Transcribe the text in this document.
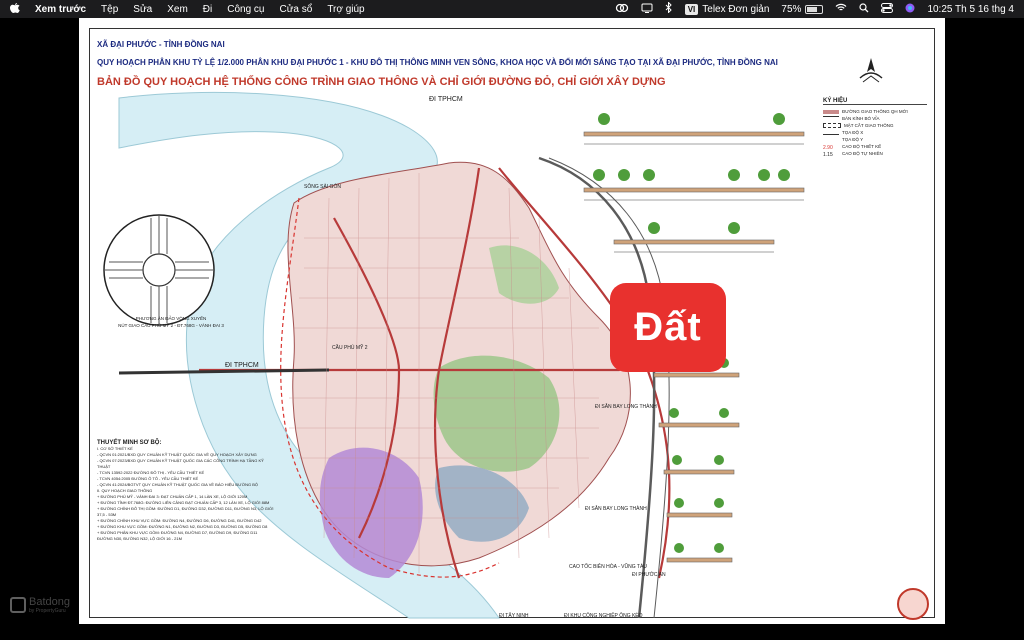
Xem trước Tệp Sửa Xem Đi Công cụ Cửa sổ Trợ giúp	VI Telex Đơn giản 75%	10:25 Th 5 16 thg 4
XÃ ĐẠI PHƯỚC - TỈNH ĐỒNG NAI
QUY HOẠCH PHÂN KHU TỶ LỆ 1/2.000 PHÂN KHU ĐẠI PHƯỚC 1 - KHU ĐÔ THỊ THÔNG MINH VEN SÔNG, KHOA HỌC VÀ ĐỔI MỚI SÁNG TẠO TẠI XÃ ĐẠI PHƯỚC, TỈNH ĐỒNG NAI
BẢN ĐỒ QUY HOẠCH HỆ THỐNG CÔNG TRÌNH GIAO THÔNG VÀ CHỈ GIỚI ĐƯỜNG ĐỎ, CHỈ GIỚI XÂY DỰNG
ĐI TPHCM
ĐI TPHCM
SÔNG SÀI GÒN
CẦU PHÚ MỸ 2
ĐI SÂN BAY LONG THÀNH
ĐI SÂN BAY LONG THÀNH
ĐI PHƯỚC AN
ĐI TÂY NINH	ĐI KHU CÔNG NGHIỆP ÔNG KÈO
CAO TỐC BIÊN HÒA - VŨNG TÀU
PHƯƠNG ÁN ĐẢO VÒNG XUYẾN
NÚT GIAO CẦU PHÚ MỸ 2 - ĐT.768G - VÀNH ĐAI 3
KÝ HIỆU
ĐƯỜNG GIAO THÔNG QH MỚI
BÁN KÍNH BÓ VỈA
MẶT CẮT GIAO THÔNG
TỌA ĐỘ X
TỌA ĐỘ Y
2.90	CAO ĐỘ THIẾT KẾ
1.15	CAO ĐỘ TỰ NHIÊN
THUYẾT MINH SƠ BỘ:
I. CƠ SỞ THIẾT KẾ
- QCVN 01:2021/BXD QUY CHUẨN KỸ THUẬT QUỐC GIA VỀ QUY HOẠCH XÂY DỰNG
- QCVN 07:2023/BXD QUY CHUẨN KỸ THUẬT QUỐC GIA CÁC CÔNG TRÌNH HẠ TẦNG KỸ THUẬT
- TCVN 13592:2022 ĐƯỜNG ĐÔ THỊ - YÊU CẦU THIẾT KẾ
- TCVN 4054:2005 ĐƯỜNG Ô TÔ - YÊU CẦU THIẾT KẾ
- QCVN 41:2024/BGTVT QUY CHUẨN KỸ THUẬT QUỐC GIA VỀ BÁO HIỆU ĐƯỜNG BỘ
II. QUY HOẠCH GIAO THÔNG
+ ĐƯỜNG PHÚ MỸ - VÀNH ĐAI 3: ĐẠT CHUẨN CẤP 1, 14 LÀN XE, LỘ GIỚI 120M
+ ĐƯỜNG TỈNH ĐT.768G: ĐƯỜNG LIÊN CẢNG ĐẠT CHUẨN CẤP 3, 12 LÀN XE, LỘ GIỚI 88M
+ ĐƯỜNG CHÍNH ĐÔ THỊ GỒM: ĐƯỜNG D1, ĐƯỜNG D32, ĐƯỜNG D11, ĐƯỜNG N3, LỘ GIỚI 37,5 - 53M
+ ĐƯỜNG CHÍNH KHU VỰC GỒM: ĐƯỜNG N4, ĐƯỜNG D6, ĐƯỜNG D41, ĐƯỜNG D42
+ ĐƯỜNG KHU VỰC GỒM: ĐƯỜNG N1, ĐƯỜNG N2, ĐƯỜNG D3, ĐƯỜNG D5, ĐƯỜNG D8
+ ĐƯỜNG PHÂN KHU VỰC GỒM: ĐƯỜNG N4, ĐƯỜNG D7, ĐƯỜNG D9, ĐƯỜNG D11
ĐƯỜNG N30, ĐƯỜNG N32, LỘ GIỚI 16 - 21M
Đất
Batdong
by PropertyGuru
